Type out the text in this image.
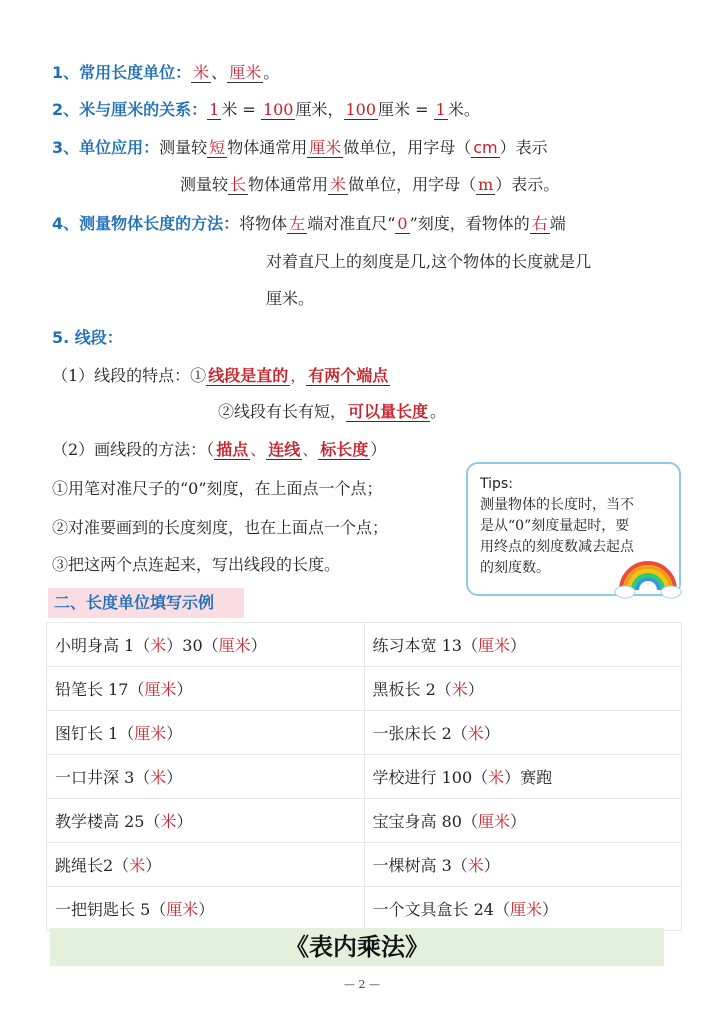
1、常用长度单位： 米 、 厘米 。
2、米与厘米的关系： 1 米 = 100 厘米， 100 厘米 = 1 米。
3、单位应用：测量较 短 物体通常用 厘米 做单位，用字母（ cm ）表示
测量较 长 物体通常用 米 做单位，用字母（ m ）表示。
4、测量物体长度的方法：将物体 左 端对准直尺“ 0 ”刻度，看物体的 右 端
对着直尺上的刻度是几,这个物体的长度就是几
厘米。
5. 线段：
（1）线段的特点：① 线段是直的 ， 有两个端点
②线段有长有短， 可以量长度 。
（2）画线段的方法：（ 描点 、 连线 、 标长度 ）
①用笔对准尺子的“0”刻度，在上面点一个点；
②对准要画到的长度刻度，也在上面点一个点；
③把这两个点连起来，写出线段的长度。
Tips:
测量物体的长度时，当不
是从“0”刻度量起时，要
用终点的刻度数减去起点
的刻度数。
二、长度单位填写示例
小明身高 1（米）30（厘米）	练习本宽 13（厘米）
铅笔长 17（厘米）	黑板长 2（米）
图钉长 1（厘米）	一张床长 2（米）
一口井深 3（米）	学校进行 100（米）赛跑
教学楼高 25（米）	宝宝身高 80（厘米）
跳绳长2（米）	一棵树高 3（米）
一把钥匙长 5（厘米）	一个文具盒长 24（厘米）
《表内乘法》
— 2 —
